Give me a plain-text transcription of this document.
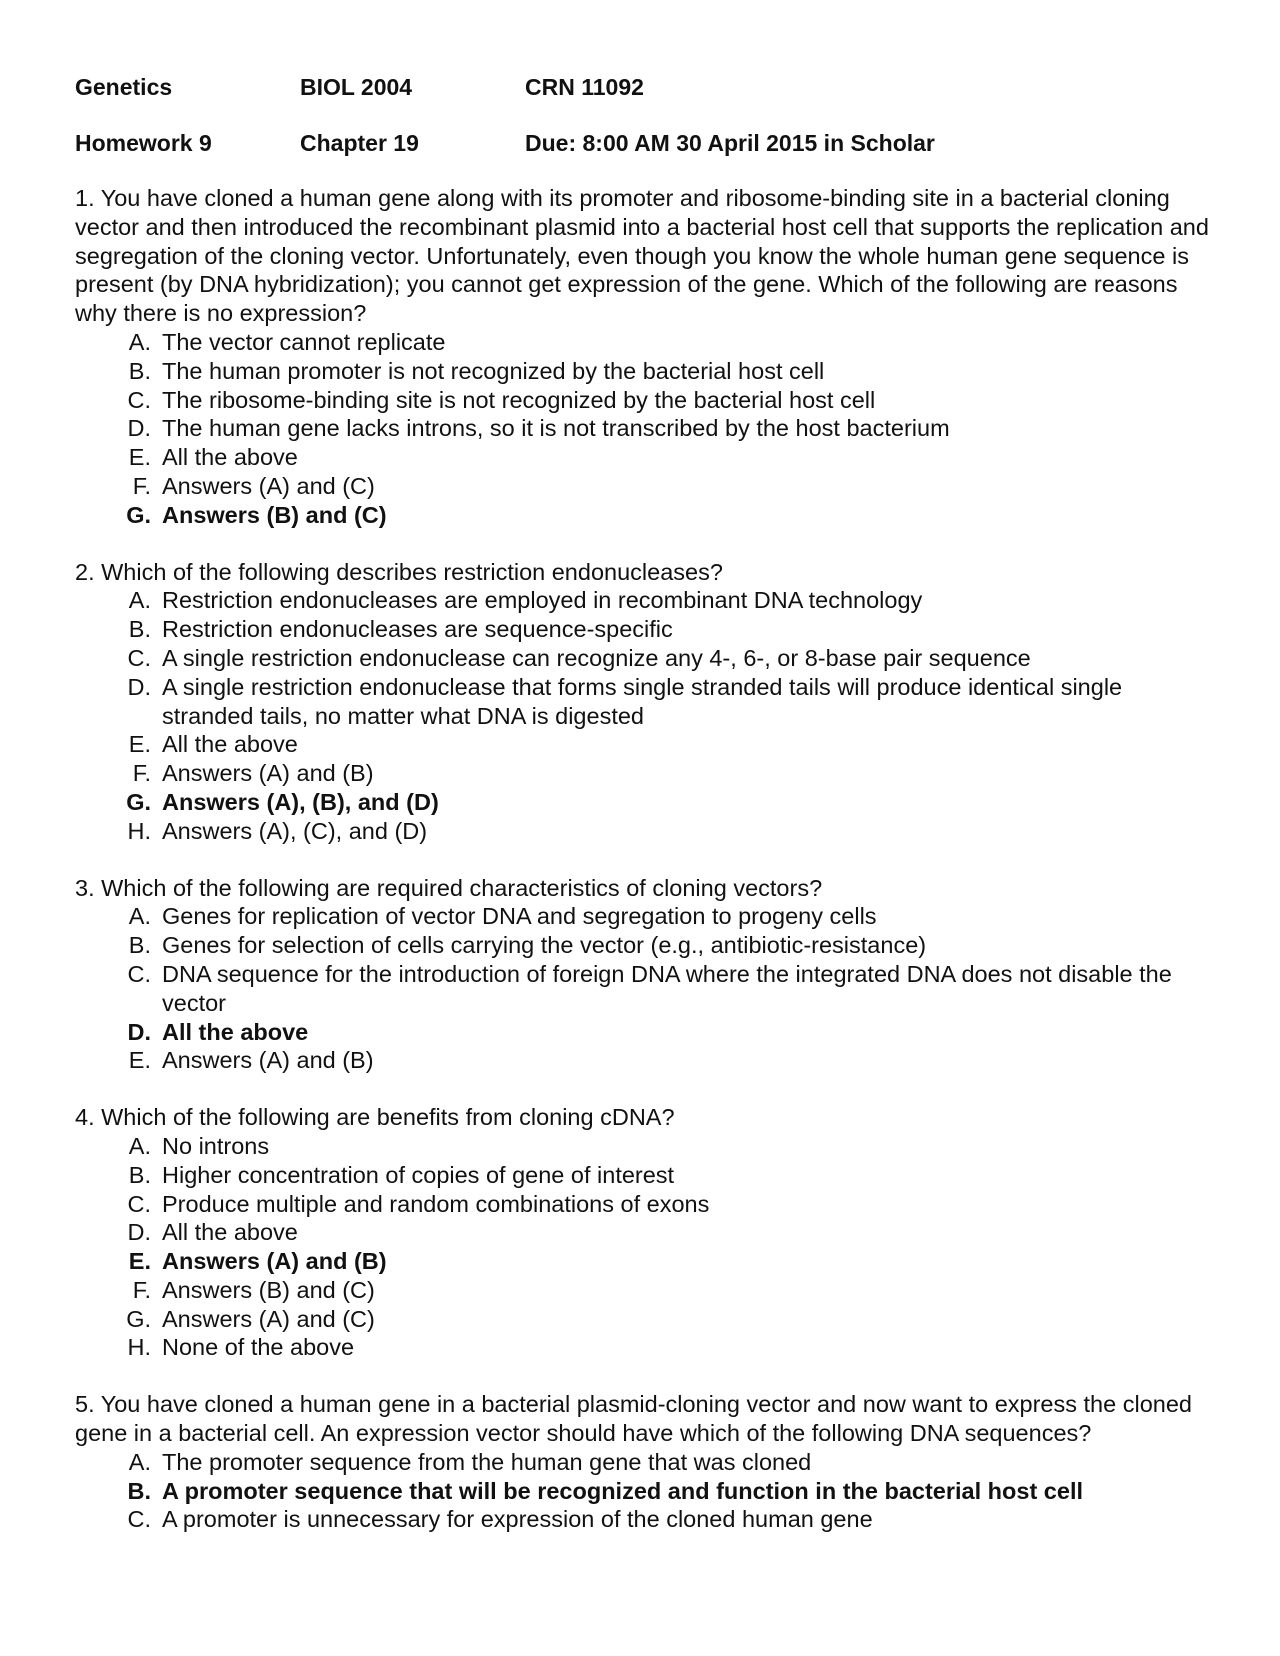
Genetics	BIOL 2004	CRN 11092
Homework 9	Chapter 19	Due: 8:00 AM 30 April 2015 in Scholar

1. You have cloned a human gene along with its promoter and ribosome-binding site in a bacterial cloning vector and then introduced the recombinant plasmid into a bacterial host cell that supports the replication and segregation of the cloning vector. Unfortunately, even though you know the whole human gene sequence is present (by DNA hybridization); you cannot get expression of the gene. Which of the following are reasons why there is no expression?

A. The vector cannot replicate
B. The human promoter is not recognized by the bacterial host cell
C. The ribosome-binding site is not recognized by the bacterial host cell
D. The human gene lacks introns, so it is not transcribed by the host bacterium
E. All the above
F. Answers (A) and (C)
G. Answers (B) and (C)

2. Which of the following describes restriction endonucleases?

A. Restriction endonucleases are employed in recombinant DNA technology
B. Restriction endonucleases are sequence-specific
C. A single restriction endonuclease can recognize any 4-, 6-, or 8-base pair sequence
D. A single restriction endonuclease that forms single stranded tails will produce identical single stranded tails, no matter what DNA is digested
E. All the above
F. Answers (A) and (B)
G. Answers (A), (B), and (D)
H. Answers (A), (C), and (D)

3. Which of the following are required characteristics of cloning vectors?

A. Genes for replication of vector DNA and segregation to progeny cells
B. Genes for selection of cells carrying the vector (e.g., antibiotic-resistance)
C. DNA sequence for the introduction of foreign DNA where the integrated DNA does not disable the vector
D. All the above
E. Answers (A) and (B)

4. Which of the following are benefits from cloning cDNA?

A. No introns
B. Higher concentration of copies of gene of interest
C. Produce multiple and random combinations of exons
D. All the above
E. Answers (A) and (B)
F. Answers (B) and (C)
G. Answers (A) and (C)
H. None of the above

5. You have cloned a human gene in a bacterial plasmid-cloning vector and now want to express the cloned gene in a bacterial cell. An expression vector should have which of the following DNA sequences?

A. The promoter sequence from the human gene that was cloned
B. A promoter sequence that will be recognized and function in the bacterial host cell
C. A promoter is unnecessary for expression of the cloned human gene
